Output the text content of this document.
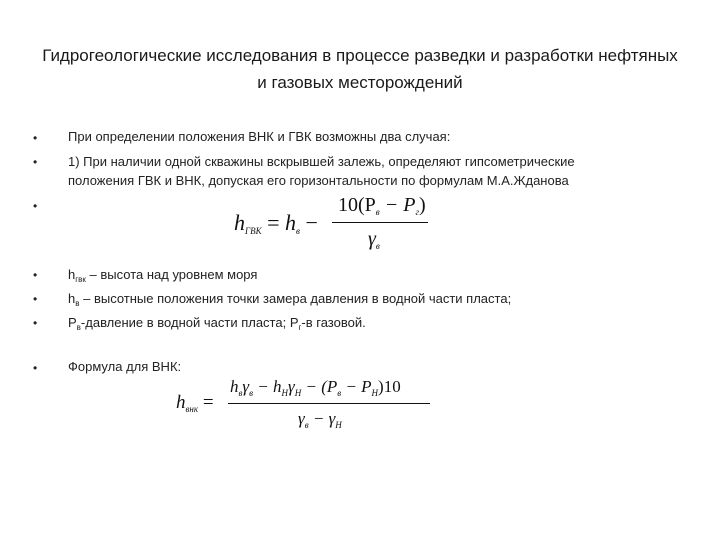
Гидрогеологические исследования в процессе разведки и разработки нефтяных и газовых месторождений
•
•
•
•
•
•
•
При определении положения ВНК и ГВК возможны два случая:
1) При наличии одной скважины вскрывшей залежь, определяют гипсометрические
положения ГВК и ВНК, допуская его горизонтальности по формулам М.А.Жданова
$h_{ГВК} = h_в$ −
$10(P_в - P_г)$
$\gamma_в$
$h_{гвк}$ – высота над уровнем моря
$h_в$ – высотные положения точки замера давления в водной части пласта;
$P_в$-давление в водной части пласта; $P_г-в$ газовой.
Формула для ВНК:
$h_{внк}$ =
$h_в\gamma_в - h_H\gamma_H - (P_в - P_H)10$
$\gamma_в - \gamma_H$
